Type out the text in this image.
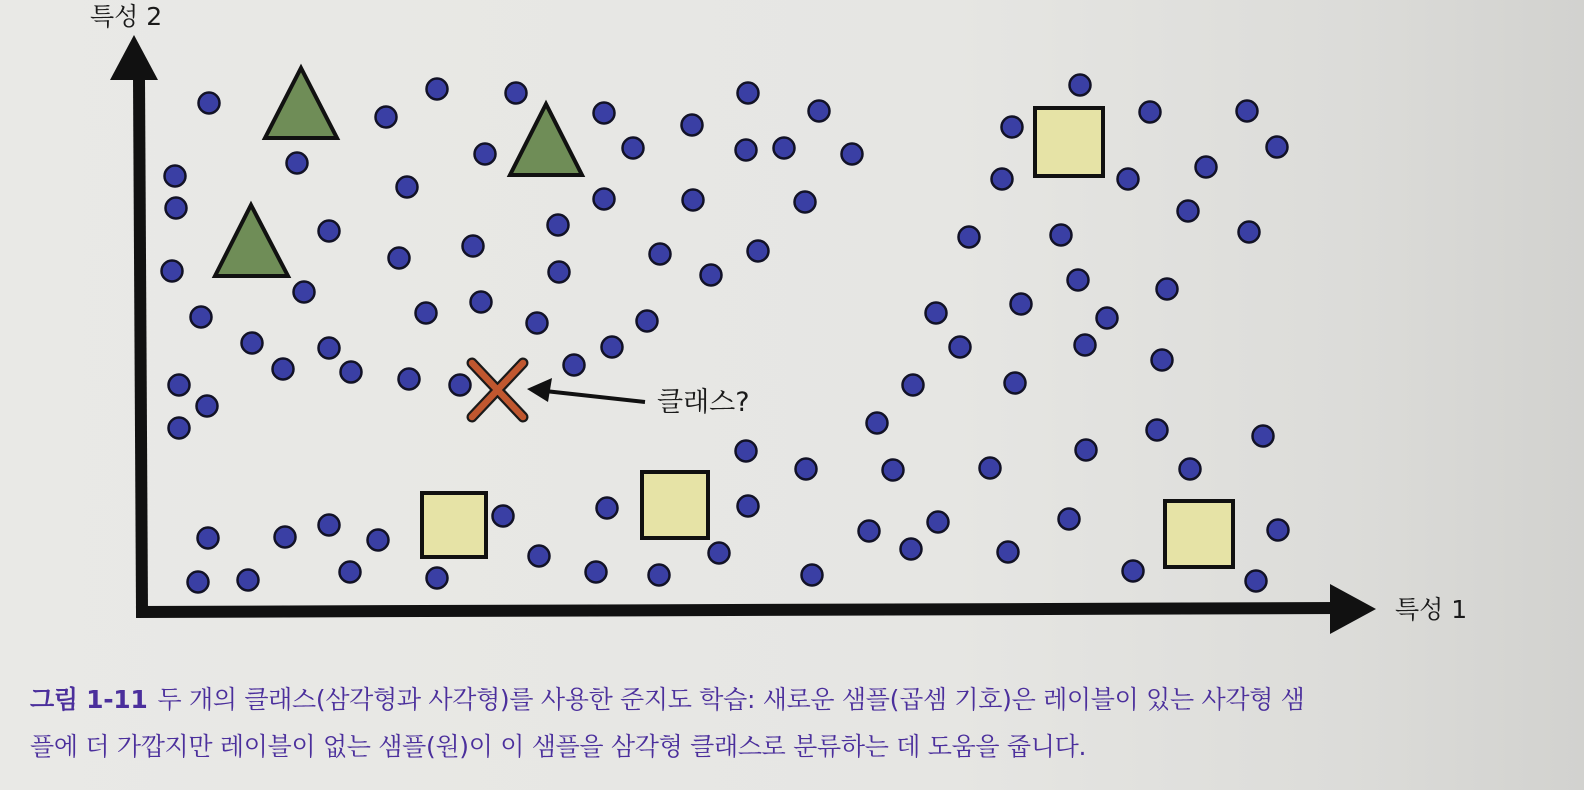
클래스?
특성 2
특성 1
그림 1-11 두 개의 클래스(삼각형과 사각형)를 사용한 준지도 학습: 새로운 샘플(곱셈 기호)은 레이블이 있는 사각형 샘
플에 더 가깝지만 레이블이 없는 샘플(원)이 이 샘플을 삼각형 클래스로 분류하는 데 도움을 줍니다.
